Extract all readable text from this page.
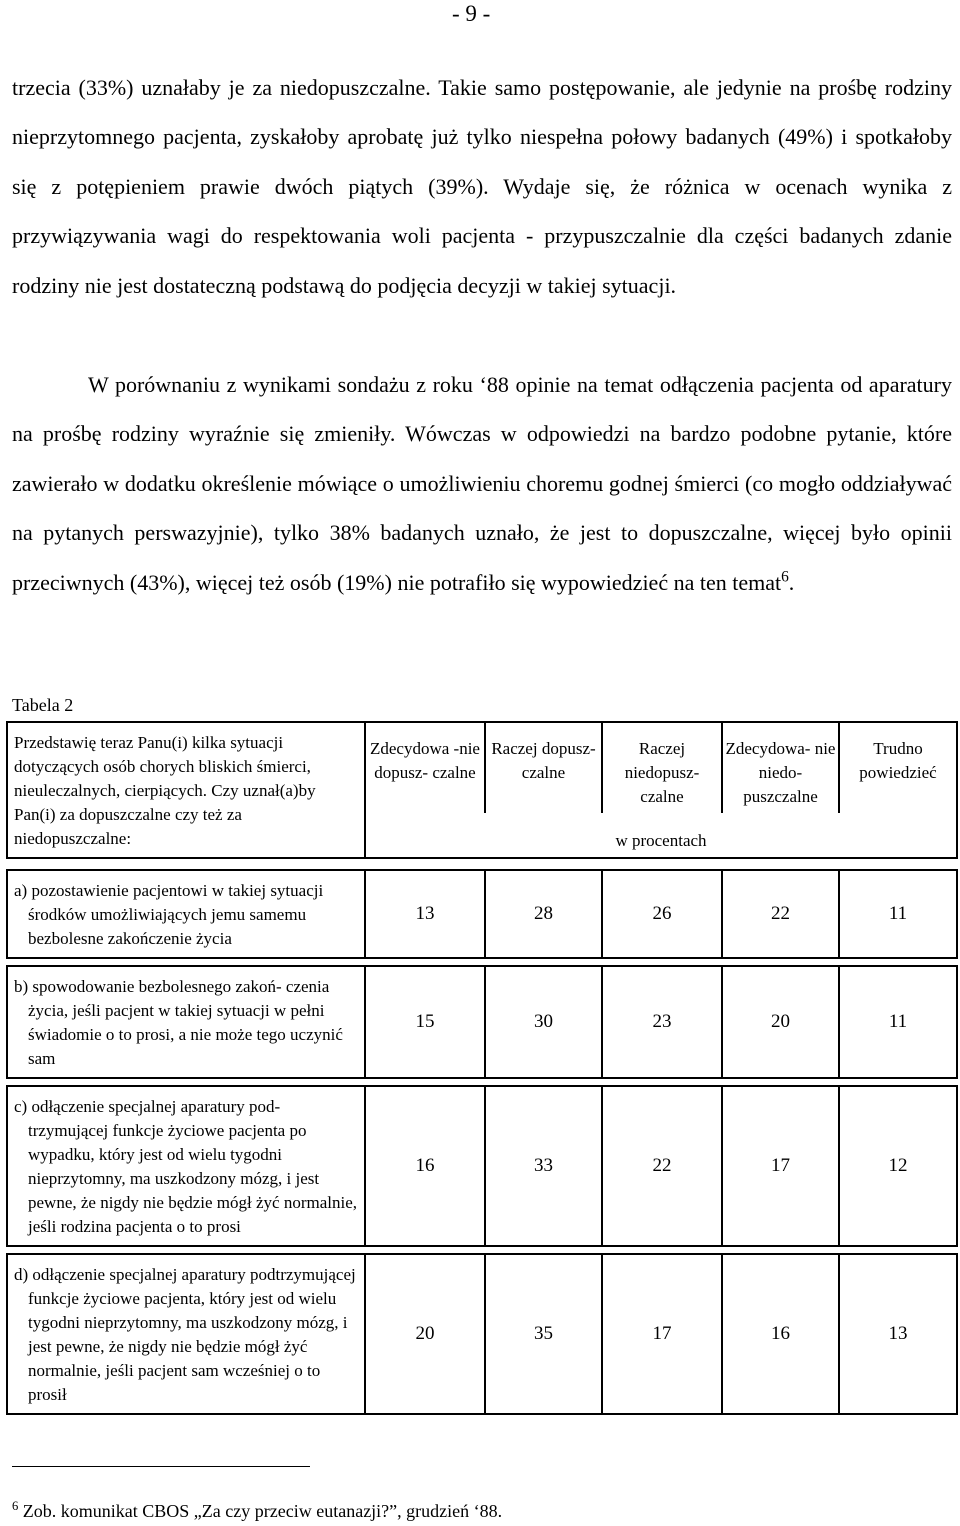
- 9 -

trzecia (33%) uznałaby je za niedopuszczalne. Takie samo postępowanie, ale jedynie na prośbę rodziny nieprzytomnego pacjenta, zyskałoby aprobatę już tylko niespełna połowy badanych (49%) i spotkałoby się z potępieniem prawie dwóch piątych (39%). Wydaje się, że różnica w ocenach wynika z przywiązywania wagi do respektowania woli pacjenta - przypuszczalnie dla części badanych zdanie rodziny nie jest dostateczną podstawą do podjęcia decyzji w takiej sytuacji.

W porównaniu z wynikami sondażu z roku ‘88 opinie na temat odłączenia pacjenta od aparatury na prośbę rodziny wyraźnie się zmieniły. Wówczas w odpowiedzi na bardzo podobne pytanie, które zawierało w dodatku określenie mówiące o umożliwieniu choremu godnej śmierci (co mogło oddziaływać na pytanych perswazyjnie), tylko 38% badanych uznało, że jest to dopuszczalne, więcej było opinii przeciwnych (43%), więcej też osób (19%) nie potrafiło się wypowiedzieć na ten temat$^6$.

Tabela 2
Przedstawię teraz Panu(i) kilka sytuacji dotyczących osób chorych bliskich śmierci, nieuleczalnych, cierpiących. Czy uznał(a)by Pan(i) za dopuszczalne czy też za niedopuszczalne:	Zdecydowa -nie dopusz- czalne	Raczej dopusz- czalne	Raczej niedopusz- czalne	Zdecydowa- nie niedo- puszczalne	Trudno powiedzieć
	w procentach				

a) pozostawienie pacjentowi w takiej sytuacji środków umożliwiających jemu samemu bezbolesne zakończenie życia	13	28	26	22	11

b) spowodowanie bezbolesnego zakoń- czenia życia, jeśli pacjent w takiej sytuacji w pełni świadomie o to prosi, a nie może tego uczynić sam	15	30	23	20	11

c) odłączenie specjalnej aparatury pod- trzymującej funkcje życiowe pacjenta po wypadku, który jest od wielu tygodni nieprzytomny, ma uszkodzony mózg, i jest pewne, że nigdy nie będzie mógł żyć normalnie, jeśli rodzina pacjenta o to prosi	16	33	22	17	12

d) odłączenie specjalnej aparatury podtrzymującej funkcje życiowe pacjenta, który jest od wielu tygodni nieprzytomny, ma uszkodzony mózg, i jest pewne, że nigdy nie będzie mógł żyć normalnie, jeśli pacjent sam wcześniej o to prosił	20	35	17	16	13
$^6$ Zob. komunikat CBOS „Za czy przeciw eutanazji?”, grudzień ‘88.
